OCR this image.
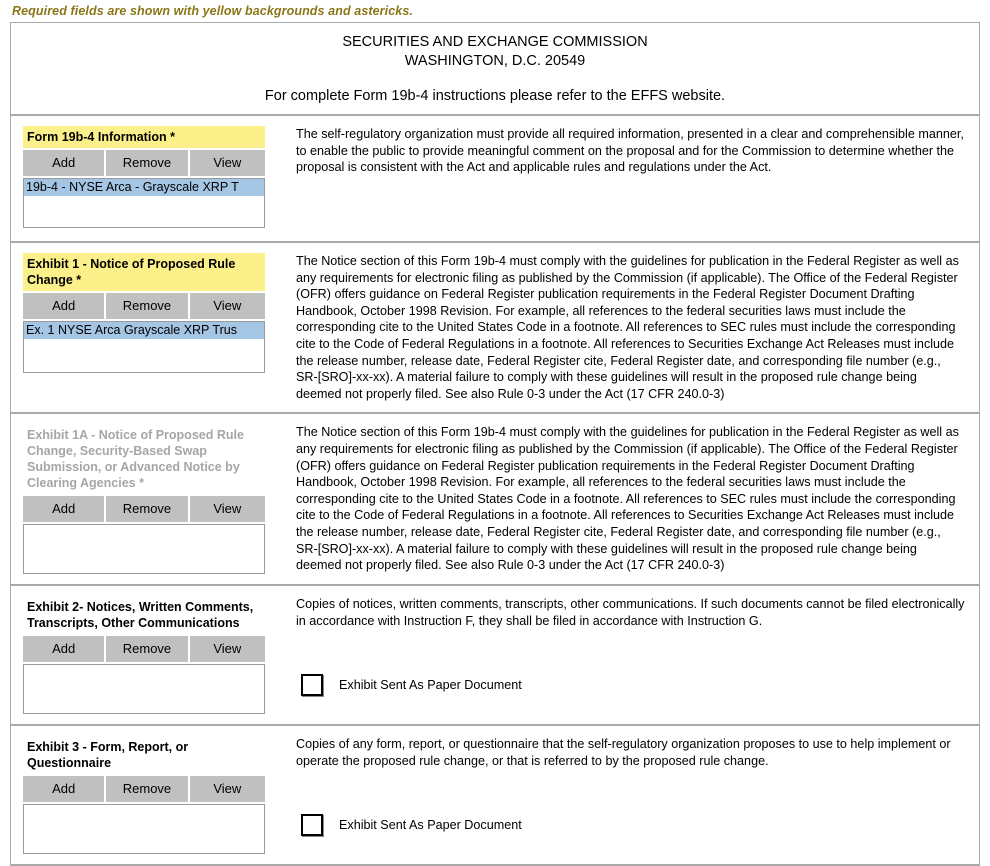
Required fields are shown with yellow backgrounds and astericks.
SECURITIES AND EXCHANGE COMMISSION
WASHINGTON, D.C. 20549
For complete Form 19b-4 instructions please refer to the EFFS website.
Form 19b-4 Information *
Add	Remove	View
19b-4 - NYSE Arca - Grayscale XRP T

The self-regulatory organization must provide all required information, presented in a clear and comprehensible manner, to enable the public to provide meaningful comment on the proposal and for the Commission to determine whether the proposal is consistent with the Act and applicable rules and regulations under the Act.

Exhibit 1 - Notice of Proposed Rule Change *
Add	Remove	View
Ex. 1 NYSE Arca Grayscale XRP Trus

The Notice section of this Form 19b-4 must comply with the guidelines for publication in the Federal Register as well as any requirements for electronic filing as published by the Commission (if applicable). The Office of the Federal Register (OFR) offers guidance on Federal Register publication requirements in the Federal Register Document Drafting Handbook, October 1998 Revision. For example, all references to the federal securities laws must include the corresponding cite to the United States Code in a footnote. All references to SEC rules must include the corresponding cite to the Code of Federal Regulations in a footnote. All references to Securities Exchange Act Releases must include the release number, release date, Federal Register cite, Federal Register date, and corresponding file number (e.g., SR-[SRO]-xx-xx). A material failure to comply with these guidelines will result in the proposed rule change being deemed not properly filed. See also Rule 0-3 under the Act (17 CFR 240.0-3)

Exhibit 1A - Notice of Proposed Rule Change, Security-Based Swap Submission, or Advanced Notice by Clearing Agencies *
Add	Remove	View

The Notice section of this Form 19b-4 must comply with the guidelines for publication in the Federal Register as well as any requirements for electronic filing as published by the Commission (if applicable). The Office of the Federal Register (OFR) offers guidance on Federal Register publication requirements in the Federal Register Document Drafting Handbook, October 1998 Revision. For example, all references to the federal securities laws must include the corresponding cite to the United States Code in a footnote. All references to SEC rules must include the corresponding cite to the Code of Federal Regulations in a footnote. All references to Securities Exchange Act Releases must include the release number, release date, Federal Register cite, Federal Register date, and corresponding file number (e.g., SR-[SRO]-xx-xx). A material failure to comply with these guidelines will result in the proposed rule change being deemed not properly filed. See also Rule 0-3 under the Act (17 CFR 240.0-3)

Exhibit 2- Notices, Written Comments, Transcripts, Other Communications
Add	Remove	View

Copies of notices, written comments, transcripts, other communications. If such documents cannot be filed electronically in accordance with Instruction F, they shall be filed in accordance with Instruction G.

Exhibit Sent As Paper Document
Exhibit 3 - Form, Report, or Questionnaire
Add	Remove	View

Copies of any form, report, or questionnaire that the self-regulatory organization proposes to use to help implement or operate the proposed rule change, or that is referred to by the proposed rule change.

Exhibit Sent As Paper Document
